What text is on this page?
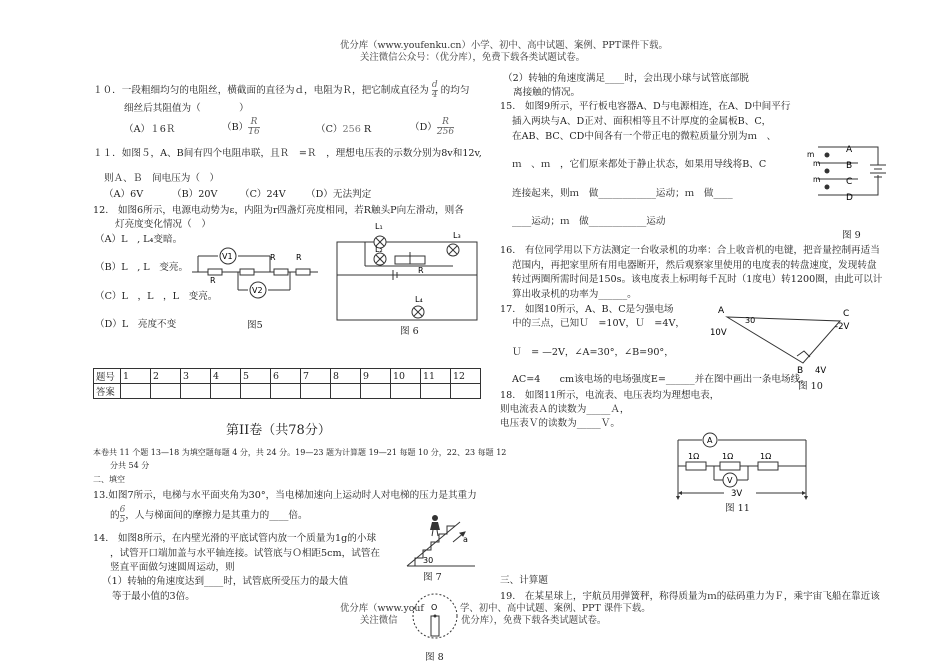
优分库（www.youfenku.cn）小学、初中、高中试题、案例、PPT课件下载。
关注微信公众号：（优分库），免费下载各类试题试卷。
１０．一段粗细均匀的电阻丝，横截面的直径为ｄ，电阻为Ｒ，把它制成直径为 $\frac{d}{4}$ 的均匀
细丝后其阻值为（　　　　）
（A）１6Ｒ	$(B) \frac{R}{16}$	（C）256 R	$(D) \frac{R}{256}$
１１．如图５，A、B间有四个电阻串联，且Ｒ　=Ｒ　，理想电压表的示数分别为8v和12v,
则Ａ、Ｂ　间电压为（　）
（A）6V	（B）20V （C）24V （D）无法判定
12.　如图6所示，电源电动势为ε，内阻为r四盏灯亮度相同，若R触头P向左滑动，则各
灯亮度变化情况（　）
（A）L　, L₄变暗。
（B）L　, L　变亮。
（C）L　，L　，L　变亮。
（D）L　亮度不变
V1
V2
R	R
R
图5
L₁
L₂
L₃
L₄
R
图 6
题号	1	2	3	4	5	6	7	8	9	10	11	12
答案												
第II卷（共78分）
本卷共 11 个题 13—18 为填空题每题 4 分，共 24 分。19—23 题为计算题 19—21 每题 10 分，22、23 每题 12
分共 54 分
二、填空
13.如图7所示，电梯与水平面夹角为30°，当电梯加速向上运动时人对电梯的压力是其重力
的 $\frac{6}{5}$ ，人与梯面间的摩擦力是其重力的____倍。
14.　如图8所示，在内壁光滑的平底试管内放一个质量为1g的小球
，试管开口端加盖与水平轴连接。试管底与Ｏ相距5cm，试管在
竖直平面做匀速圆周运动，则
（1）转轴的角速度达到____时，试管底所受压力的最大值
等于最小值的3倍。
30
a
图 7
O
图 8
（2）转轴的角速度满足____时，会出现小球与试管底部脱
离接触的情况。
15.　如图9所示，平行板电容器A、D与电源相连，在A、D中间平行
插入两块与A、D正对、面积相等且不计厚度的金属板B、C，
在AB、BC、CD中间各有一个带正电的微粒质量分别为ｍ　、
ｍ　、ｍ　，它们原来都处于静止状态，如果用导线将B、C
连接起来，则ｍ　做____________运动；ｍ　做____
____运动；ｍ　做____________运动
m
m
m
A
B
C
D
图 9
16.　有位同学用以下方法测定一台收录机的功率：合上收音机的电键，把音量控制再适当
范围内，再把家里所有用电器断开，然后观察家里使用的电度表的转盘速度，发现转盘
转过两圈所需时间是150s。该电度表上标明每千瓦时（1度电）转1200圈，由此可以计
算出收录机的功率为______。
17.　如图10所示，A、B、C是匀强电场
中的三点，已知Ｕ　=10V，Ｕ　=4V，
Ｕ　= —2V，∠A=30°，∠B=90°，
AC=4　　cm该电场的电场强度E=______并在图中画出一条电场线。
A	C
B
30
10V
-2V
4V
图 10
18.　如图11所示，电流表、电压表均为理想电表，
则电流表Ａ的读数为_____Ａ，
电压表Ｖ的读数为_____Ｖ。
A
V
1Ω	1Ω	1Ω
3V
图 11
三、计算题
19.　在某星球上，宇航员用弹簧秤，称得质量为ｍ的砝码重力为Ｆ，乘宇宙飞船在靠近该
优分库（www.youf	学、初中、高中试题、案例、PPT 课件下载。
关注微信	优分库），免费下载各类试题试卷。
